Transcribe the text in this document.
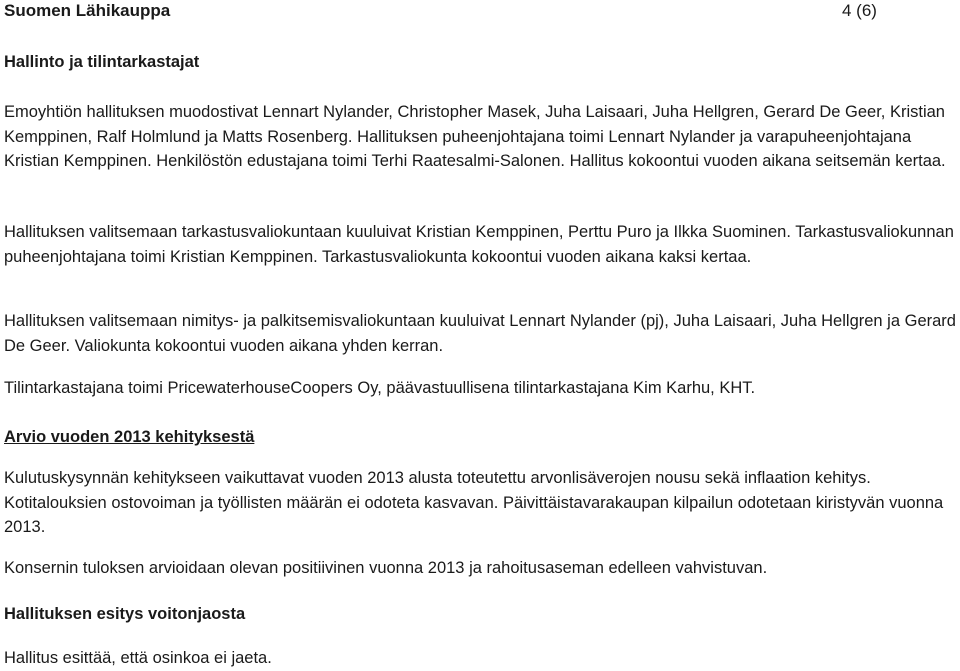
Suomen Lähikauppa	4 (6)
Hallinto ja tilintarkastajat

Emoyhtiön hallituksen muodostivat Lennart Nylander, Christopher Masek, Juha Laisaari, Juha Hellgren, Gerard De Geer, Kristian Kemppinen, Ralf Holmlund ja Matts Rosenberg. Hallituksen puheenjohtajana toimi Lennart Nylander ja varapuheenjohtajana Kristian Kemppinen. Henkilöstön edustajana toimi Terhi Raatesalmi-Salonen. Hallitus kokoontui vuoden aikana seitsemän kertaa.

Hallituksen valitsemaan tarkastusvaliokuntaan kuuluivat Kristian Kemppinen, Perttu Puro ja Ilkka Suominen. Tarkastusvaliokunnan puheenjohtajana toimi Kristian Kemppinen. Tarkastusvaliokunta kokoontui vuoden aikana kaksi kertaa.

Hallituksen valitsemaan nimitys- ja palkitsemisvaliokuntaan kuuluivat Lennart Nylander (pj), Juha Laisaari, Juha Hellgren ja Gerard De Geer. Valiokunta kokoontui vuoden aikana yhden kerran.

Tilintarkastajana toimi PricewaterhouseCoopers Oy, päävastuullisena tilintarkastajana Kim Karhu, KHT.

Arvio vuoden 2013 kehityksestä

Kulutuskysynnän kehitykseen vaikuttavat vuoden 2013 alusta toteutettu arvonlisäverojen nousu sekä inflaation kehitys. Kotitalouksien ostovoiman ja työllisten määrän ei odoteta kasvavan. Päivittäistavarakaupan kilpailun odotetaan kiristyvän vuonna 2013.

Konsernin tuloksen arvioidaan olevan positiivinen vuonna 2013 ja rahoitusaseman edelleen vahvistuvan.

Hallituksen esitys voitonjaosta

Hallitus esittää, että osinkoa ei jaeta.
